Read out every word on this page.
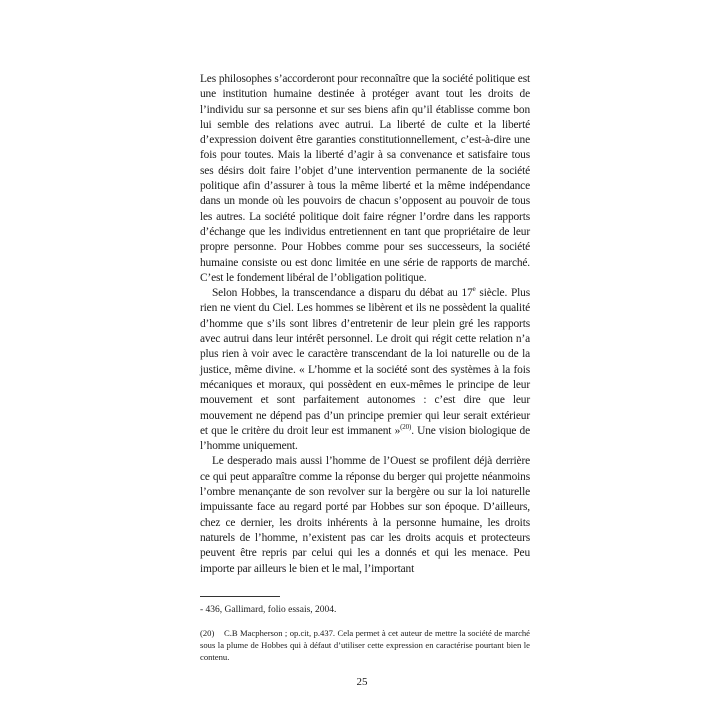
Les philosophes s’accorderont pour reconnaître que la société politique est une institution humaine destinée à protéger avant tout les droits de l’individu sur sa personne et sur ses biens afin qu’il établisse comme bon lui semble des relations avec autrui. La liberté de culte et la liberté d’expression doivent être garanties constitutionnellement, c’est-à-dire une fois pour toutes. Mais la liberté d’agir à sa convenance et satisfaire tous ses désirs doit faire l’objet d’une intervention permanente de la société politique afin d’assurer à tous la même liberté et la même indépendance dans un monde où les pouvoirs de chacun s’opposent au pouvoir de tous les autres. La société politique doit faire régner l’ordre dans les rapports d’échange que les individus entretiennent en tant que propriétaire de leur propre personne. Pour Hobbes comme pour ses successeurs, la société humaine consiste ou est donc limitée en une série de rapports de marché. C’est le fondement libéral de l’obligation politique.

Selon Hobbes, la transcendance a disparu du débat au 17e siècle. Plus rien ne vient du Ciel. Les hommes se libèrent et ils ne possèdent la qualité d’homme que s’ils sont libres d’entretenir de leur plein gré les rapports avec autrui dans leur intérêt personnel. Le droit qui régit cette relation n’a plus rien à voir avec le caractère transcendant de la loi naturelle ou de la justice, même divine. « L’homme et la société sont des systèmes à la fois mécaniques et moraux, qui possèdent en eux-mêmes le principe de leur mouvement et sont parfaitement autonomes : c’est dire que leur mouvement ne dépend pas d’un principe premier qui leur serait extérieur et que le critère du droit leur est immanent »$^{(20)}$. Une vision biologique de l’homme uniquement.

Le desperado mais aussi l’homme de l’Ouest se profilent déjà derrière ce qui peut apparaître comme la réponse du berger qui projette néanmoins l’ombre menançante de son revolver sur la bergère ou sur la loi naturelle impuissante face au regard porté par Hobbes sur son époque. D’ailleurs, chez ce dernier, les droits inhérents à la personne humaine, les droits naturels de l’homme, n’existent pas car les droits acquis et protecteurs peuvent être repris par celui qui les a donnés et qui les menace. Peu importe par ailleurs le bien et le mal, l’important

- 436, Gallimard, folio essais, 2004.
(20) C.B Macpherson ; op.cit, p.437. Cela permet à cet auteur de mettre la société de marché sous la plume de Hobbes qui à défaut d’utiliser cette expression en caractérise pourtant bien le contenu.
25
